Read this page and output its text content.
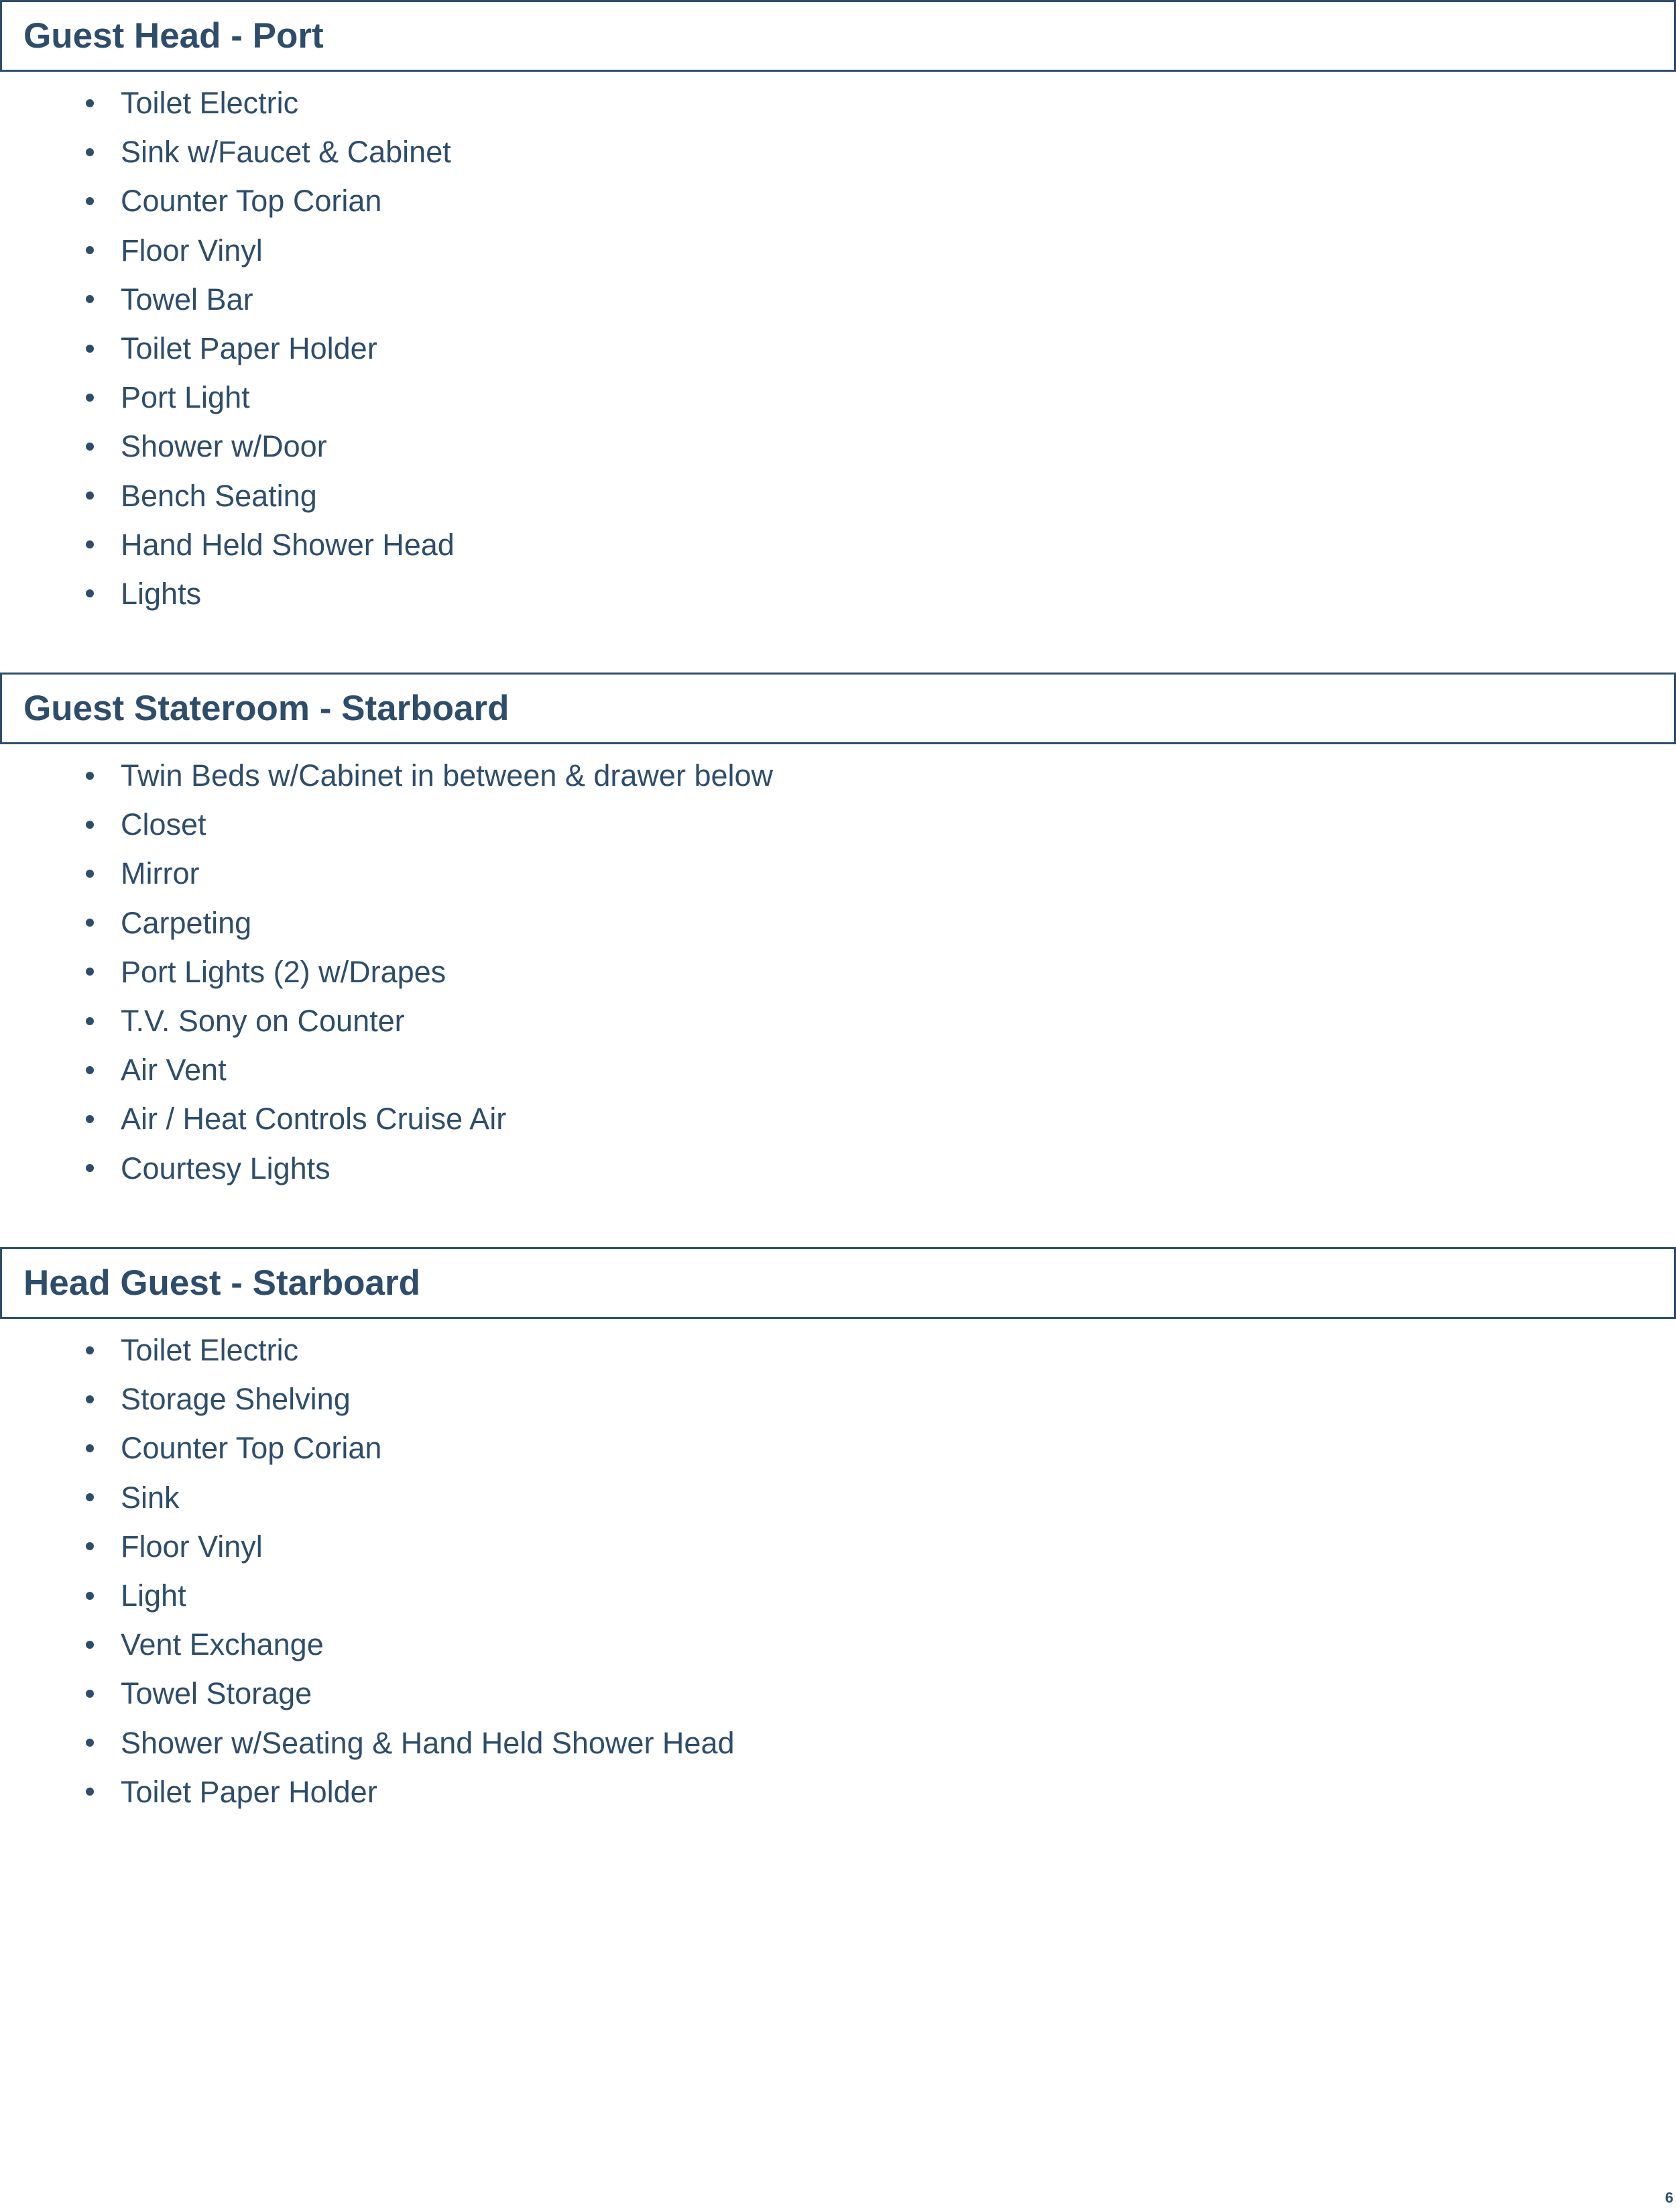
Guest Head - Port
Toilet Electric
Sink w/Faucet & Cabinet
Counter Top Corian
Floor Vinyl
Towel Bar
Toilet Paper Holder
Port Light
Shower w/Door
Bench Seating
Hand Held Shower Head
Lights
Guest Stateroom - Starboard
Twin Beds w/Cabinet in between & drawer below
Closet
Mirror
Carpeting
Port Lights (2) w/Drapes
T.V. Sony on Counter
Air Vent
Air / Heat Controls Cruise Air
Courtesy Lights
Head Guest - Starboard
Toilet Electric
Storage Shelving
Counter Top Corian
Sink
Floor Vinyl
Light
Vent Exchange
Towel Storage
Shower w/Seating & Hand Held Shower Head
Toilet Paper Holder
6
